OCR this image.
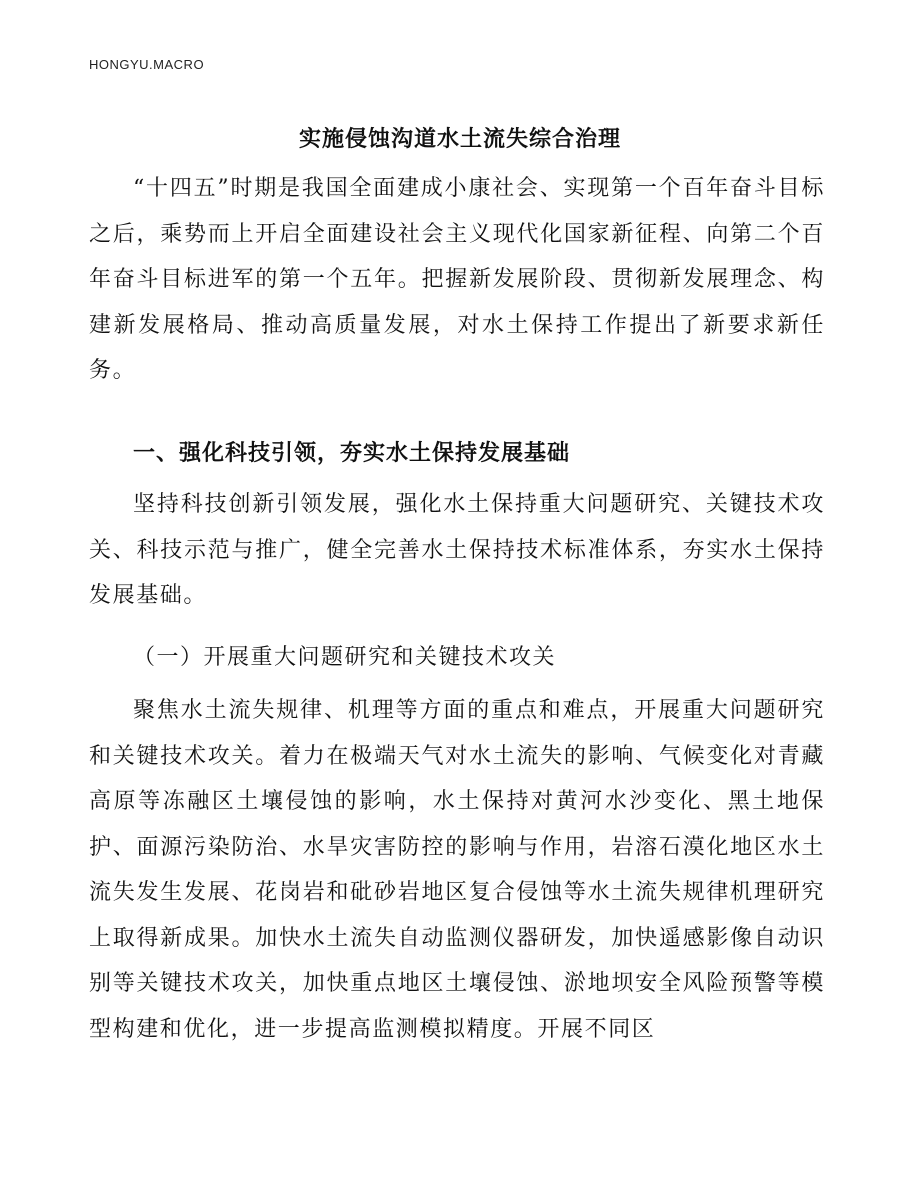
HONGYU.MACRO
实施侵蚀沟道水土流失综合治理
“十四五”时期是我国全面建成小康社会、实现第一个百年奋斗目标之后，乘势而上开启全面建设社会主义现代化国家新征程、向第二个百年奋斗目标进军的第一个五年。把握新发展阶段、贯彻新发展理念、构建新发展格局、推动高质量发展，对水土保持工作提出了新要求新任务。
一、强化科技引领，夯实水土保持发展基础
坚持科技创新引领发展，强化水土保持重大问题研究、关键技术攻关、科技示范与推广，健全完善水土保持技术标准体系，夯实水土保持发展基础。
（一）开展重大问题研究和关键技术攻关
聚焦水土流失规律、机理等方面的重点和难点，开展重大问题研究和关键技术攻关。着力在极端天气对水土流失的影响、气候变化对青藏高原等冻融区土壤侵蚀的影响，水土保持对黄河水沙变化、黑土地保护、面源污染防治、水旱灾害防控的影响与作用，岩溶石漠化地区水土流失发生发展、花岗岩和砒砂岩地区复合侵蚀等水土流失规律机理研究上取得新成果。加快水土流失自动监测仪器研发，加快遥感影像自动识别等关键技术攻关，加快重点地区土壤侵蚀、淤地坝安全风险预警等模型构建和优化，进一步提高监测模拟精度。开展不同区
